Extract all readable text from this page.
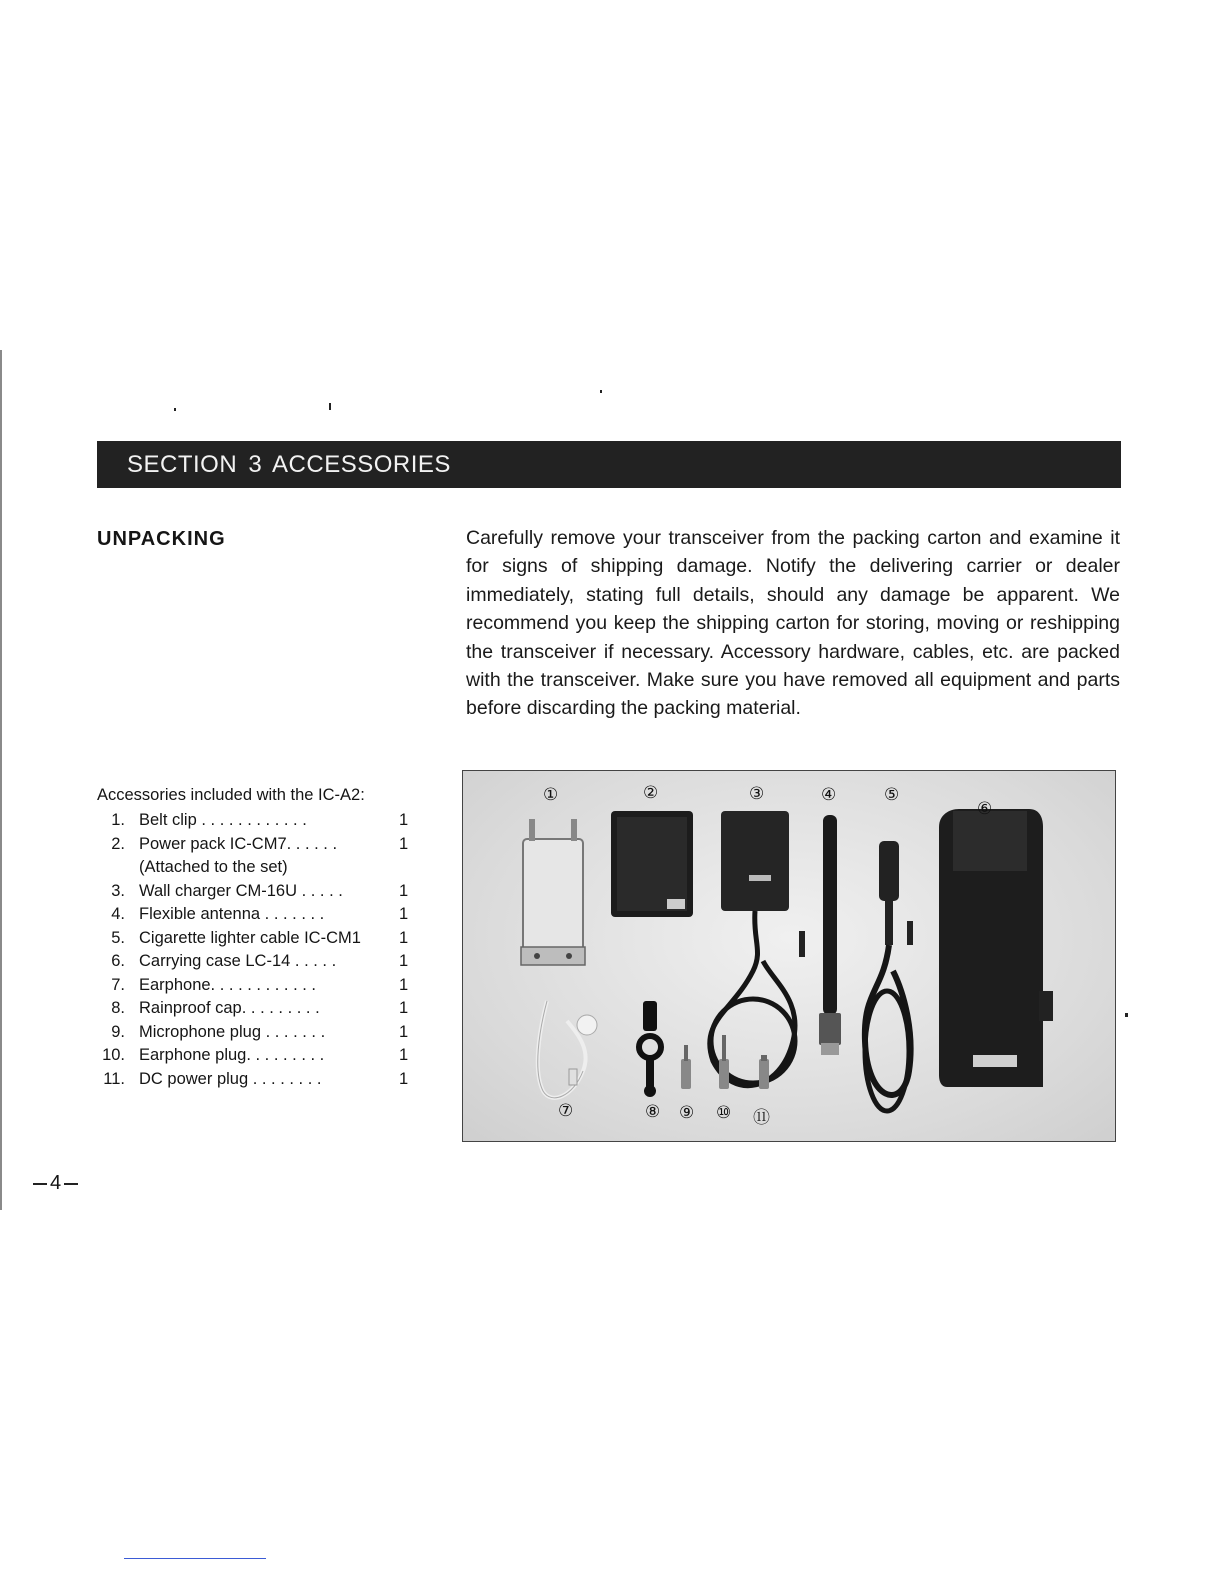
SECTION 3 ACCESSORIES
UNPACKING	Carefully remove your transceiver from the packing carton and examine it for signs of shipping damage. Notify the delivering carrier or dealer immediately, stating full details, should any damage be apparent. We recommend you keep the shipping carton for storing, moving or reshipping the transceiver if necessary. Accessory hardware, cables, etc. are packed with the transceiver. Make sure you have removed all equipment and parts before discarding the packing material.
Accessories included with the IC-A2:
1. Belt clip . . . . . . . . . . . .	1
2. Power pack IC-CM7. . . . . .	1
(Attached to the set)
3. Wall charger CM-16U . . . . .	1
4. Flexible antenna . . . . . . .	1
5. Cigarette lighter cable IC-CM1 1
6. Carrying case LC-14 . . . . .	1
7. Earphone. . . . . . . . . . . .	1
8. Rainproof cap. . . . . . . . .	1
9. Microphone plug . . . . . . .	1
10. Earphone plug. . . . . . . . .	1
11. DC power plug . . . . . . . .	1
①	②	③	④	⑤
⑥
⑦	⑧ ⑨ ⑩ ⑪
4
